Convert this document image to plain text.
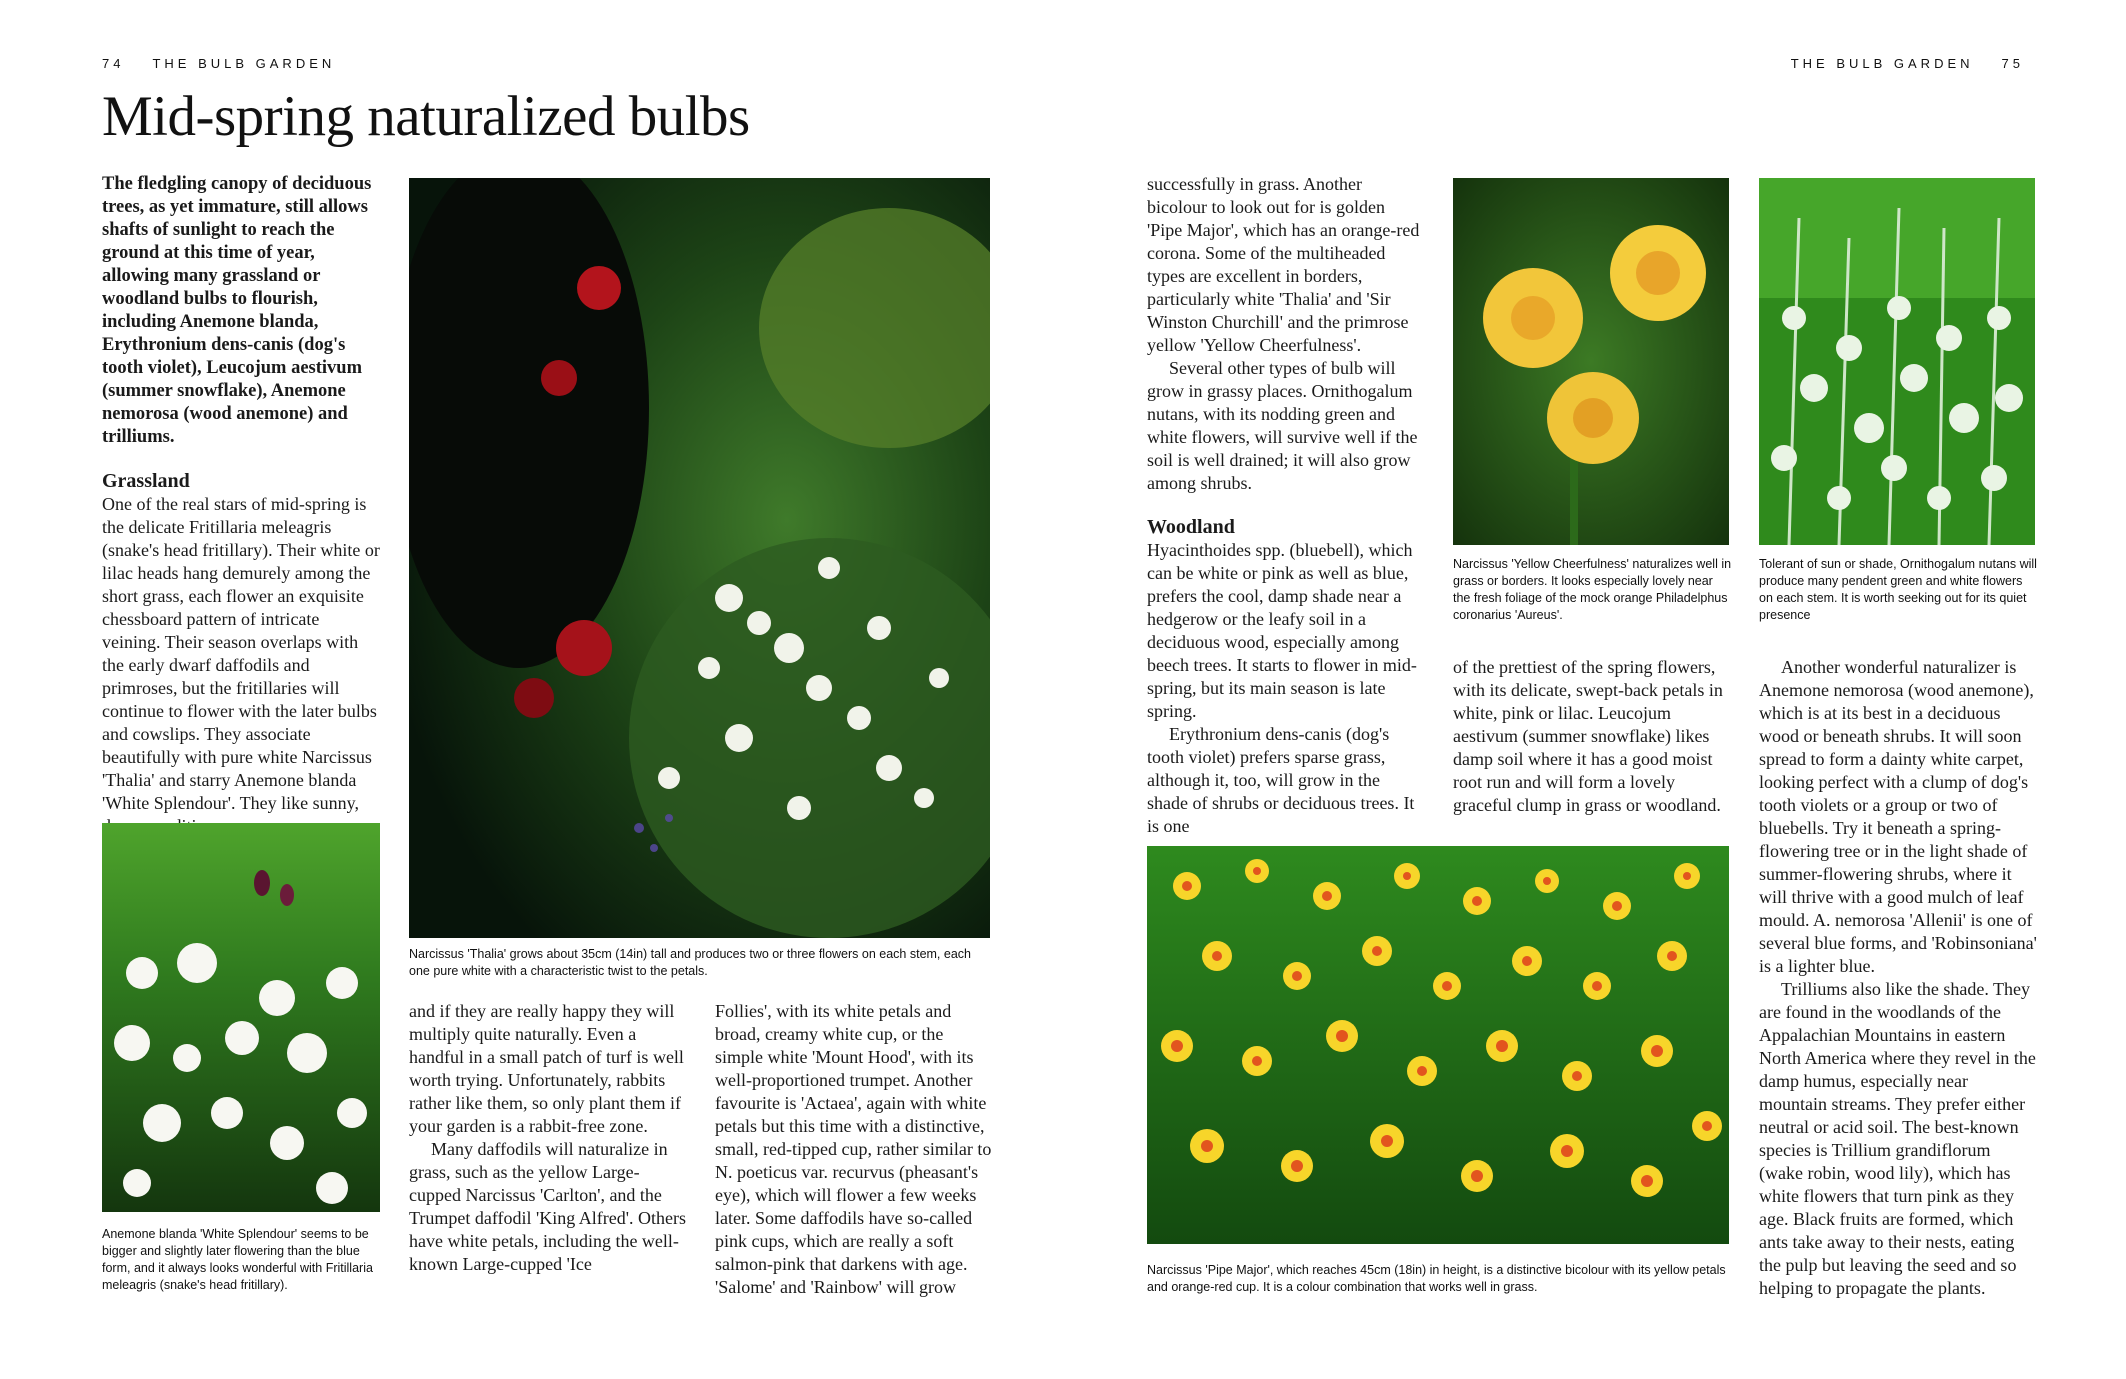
74 THE BULB GARDEN	THE BULB GARDEN 75
Mid-spring naturalized bulbs

The fledgling canopy of deciduous trees, as yet immature, still allows shafts of sunlight to reach the ground at this time of year, allowing many grassland or woodland bulbs to flourish, including Anemone blanda, Erythronium dens-canis (dog's tooth violet), Leucojum aestivum (summer snowflake), Anemone nemorosa (wood anemone) and trilliums.

Grassland

One of the real stars of mid-spring is the delicate Fritillaria meleagris (snake's head fritillary). Their white or lilac heads hang demurely among the short grass, each flower an exquisite chessboard pattern of intricate veining. Their season overlaps with the early dwarf daffodils and primroses, but the fritillaries will continue to flower with the later bulbs and cowslips. They associate beautifully with pure white Narcissus 'Thalia' and starry Anemone blanda 'White Splendour'. They like sunny,

Narcissus 'Thalia' grows about 35cm (14in) tall and produces two or three flowers on each stem, each one pure white with a characteristic twist to the petals.
Anemone blanda 'White Splendour' seems to be bigger and slightly later flowering than the blue form, and it always looks wonderful with Fritillaria meleagris (snake's head fritillary).

and if they are really happy they will multiply quite naturally. Even a handful in a small patch of turf is well worth trying. Unfortunately, rabbits rather like them, so only plant them if your garden is a rabbit-free zone.

Many daffodils will naturalize in grass, such as the yellow Large-cupped Narcissus 'Carlton', and the Trumpet daffodil 'King Alfred'. Others have white petals, including the well-known Large-cupped 'Ice

Follies', with its white petals and broad, creamy white cup, or the simple white 'Mount Hood', with its well-proportioned trumpet. Another favourite is 'Actaea', again with white petals but this time with a distinctive, small, red-tipped cup, rather similar to N. poeticus var. recurvus (pheasant's eye), which will flower a few weeks later. Some daffodils have so-called pink cups, which are really a soft salmon-pink that darkens with age. 'Salome' and 'Rainbow' will grow

successfully in grass. Another bicolour to look out for is golden 'Pipe Major', which has an orange-red corona. Some of the multiheaded types are excellent in borders, particularly white 'Thalia' and 'Sir Winston Churchill' and the primrose yellow 'Yellow Cheerfulness'.

Several other types of bulb will grow in grassy places. Ornithogalum nutans, with its nodding green and white flowers, will survive well if the soil is well drained; it will also grow among shrubs.

Woodland

Hyacinthoides spp. (bluebell), which can be white or pink as well as blue, prefers the cool, damp shade near a hedgerow or the leafy soil in a deciduous wood, especially among beech trees. It starts to flower in mid-spring, but its main season is late spring.

Erythronium dens-canis (dog's tooth violet) prefers sparse grass, although it, too, will grow in the shade of shrubs or deciduous trees. It is one

Narcissus 'Yellow Cheerfulness' naturalizes well in grass or borders. It looks especially lovely near the fresh foliage of the mock orange Philadelphus coronarius 'Aureus'.
Tolerant of sun or shade, Ornithogalum nutans will produce many pendent green and white flowers on each stem. It is worth seeking out for its quiet presence

of the prettiest of the spring flowers, with its delicate, swept-back petals in white, pink or lilac. Leucojum aestivum (summer snowflake) likes damp soil where it has a good moist root run and will form a lovely graceful clump in grass or woodland.

Another wonderful naturalizer is Anemone nemorosa (wood anemone), which is at its best in a deciduous wood or beneath shrubs. It will soon spread to form a dainty white carpet, looking perfect with a clump of dog's tooth violets or a group or two of bluebells. Try it beneath a spring-flowering tree or in the light shade of summer-flowering shrubs, where it will thrive with a good mulch of leaf mould. A. nemorosa 'Allenii' is one of several blue forms, and 'Robinsoniana' is a lighter blue.

Trilliums also like the shade. They are found in the woodlands of the Appalachian Mountains in eastern North America where they revel in the damp humus, especially near mountain streams. They prefer either neutral or acid soil. The best-known species is Trillium grandiflorum (wake robin, wood lily), which has white flowers that turn pink as they age. Black fruits are formed, which ants take away to their nests, eating the pulp but leaving the seed and so helping to propagate the plants.

Narcissus 'Pipe Major', which reaches 45cm (18in) in height, is a distinctive bicolour with its yellow petals and orange-red cup. It is a colour combination that works well in grass.
